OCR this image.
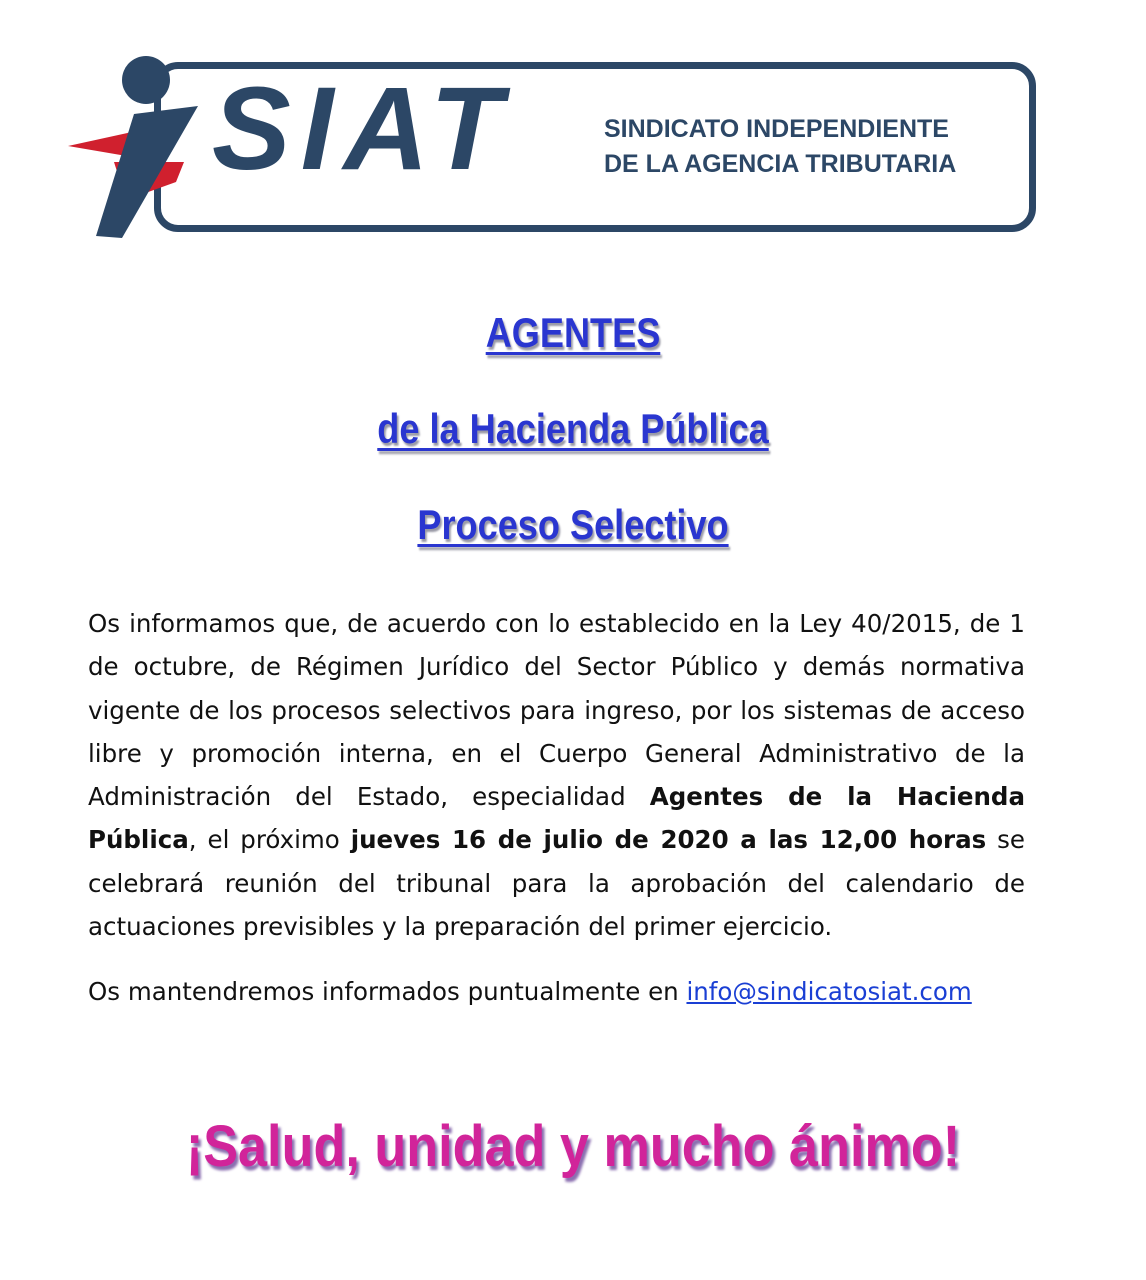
SIAT	SINDICATO INDEPENDIENTE
DE LA AGENCIA TRIBUTARIA
AGENTES
de la Hacienda Pública
Proceso Selectivo

Os informamos que, de acuerdo con lo establecido en la Ley 40/2015, de 1 de octubre, de Régimen Jurídico del Sector Público y demás normativa vigente de los procesos selectivos para ingreso, por los sistemas de acceso libre y promoción interna, en el Cuerpo General Administrativo de la Administración del Estado, especialidad Agentes de la Hacienda Pública, el próximo jueves 16 de julio de 2020 a las 12,00 horas se celebrará reunión del tribunal para la aprobación del calendario de actuaciones previsibles y la preparación del primer ejercicio.

Os mantendremos informados puntualmente en info@sindicatosiat.com

¡Salud, unidad y mucho ánimo!
